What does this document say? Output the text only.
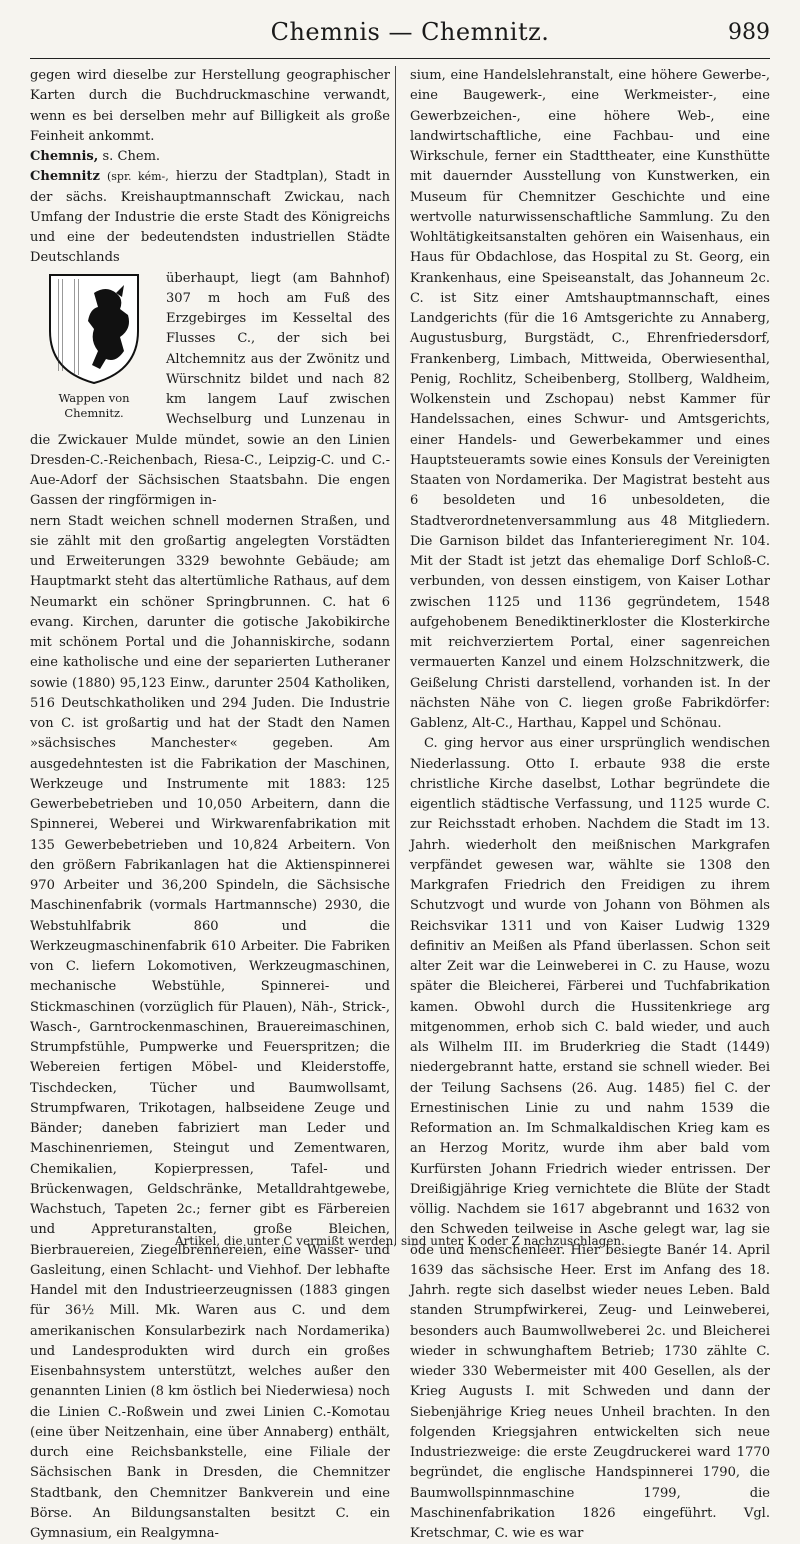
Chemnis — Chemnitz.	989

gegen wird dieselbe zur Herstellung geographischer Karten durch die Buchdruckmaschine verwandt, wenn es bei derselben mehr auf Billigkeit als große Feinheit ankommt.

Chemnis, s. Chem.

Chemnitz (spr. kém-, hierzu der Stadtplan), Stadt in der sächs. Kreishauptmannschaft Zwickau, nach Umfang der Industrie die erste Stadt des Königreichs und eine der bedeutendsten industriellen Städte Deutschlands

Wappen von Chemnitz.

überhaupt, liegt (am Bahnhof) 307 m hoch am Fuß des Erzgebirges im Kesseltal des Flusses C., der sich bei Altchemnitz aus der Zwönitz und Würschnitz bildet und nach 82 km langem Lauf zwischen Wechselburg und Lunzenau in die Zwickauer Mulde mündet, sowie an den Linien Dresden-C.-Reichenbach, Riesa-C., Leipzig-C. und C.-Aue-Adorf der Sächsischen Staatsbahn. Die engen Gassen der ringförmigen in-

nern Stadt weichen schnell modernen Straßen, und sie zählt mit den großartig angelegten Vorstädten und Erweiterungen 3329 bewohnte Gebäude; am Hauptmarkt steht das altertümliche Rathaus, auf dem Neumarkt ein schöner Springbrunnen. C. hat 6 evang. Kirchen, darunter die gotische Jakobikirche mit schönem Portal und die Johanniskirche, sodann eine katholische und eine der separierten Lutheraner sowie (1880) 95,123 Einw., darunter 2504 Katholiken, 516 Deutschkatholiken und 294 Juden. Die Industrie von C. ist großartig und hat der Stadt den Namen »sächsisches Manchester« gegeben. Am ausgedehntesten ist die Fabrikation der Maschinen, Werkzeuge und Instrumente mit 1883: 125 Gewerbebetrieben und 10,050 Arbeitern, dann die Spinnerei, Weberei und Wirkwarenfabrikation mit 135 Gewerbebetrieben und 10,824 Arbeitern. Von den größern Fabrikanlagen hat die Aktienspinnerei 970 Arbeiter und 36,200 Spindeln, die Sächsische Maschinenfabrik (vormals Hartmannsche) 2930, die Webstuhlfabrik 860 und die Werkzeugmaschinenfabrik 610 Arbeiter. Die Fabriken von C. liefern Lokomotiven, Werkzeugmaschinen, mechanische Webstühle, Spinnerei- und Stickmaschinen (vorzüglich für Plauen), Näh-, Strick-, Wasch-, Garntrockenmaschinen, Brauereimaschinen, Strumpfstühle, Pumpwerke und Feuerspritzen; die Webereien fertigen Möbel- und Kleiderstoffe, Tischdecken, Tücher und Baumwollsamt, Strumpfwaren, Trikotagen, halbseidene Zeuge und Bänder; daneben fabriziert man Leder und Maschinenriemen, Steingut und Zementwaren, Chemikalien, Kopierpressen, Tafel- und Brückenwagen, Geldschränke, Metalldrahtgewebe, Wachstuch, Tapeten 2c.; ferner gibt es Färbereien und Appreturanstalten, große Bleichen, Bierbrauereien, Ziegelbrennereien, eine Wasser- und Gasleitung, einen Schlacht- und Viehhof. Der lebhafte Handel mit den Industrieerzeugnissen (1883 gingen für 36½ Mill. Mk. Waren aus C. und dem amerikanischen Konsularbezirk nach Nordamerika) und Landesprodukten wird durch ein großes Eisenbahnsystem unterstützt, welches außer den genannten Linien (8 km östlich bei Niederwiesa) noch die Linien C.-Roßwein und zwei Linien C.-Komotau (eine über Neitzenhain, eine über Annaberg) enthält, durch eine Reichsbankstelle, eine Filiale der Sächsischen Bank in Dresden, die Chemnitzer Stadtbank, den Chemnitzer Bankverein und eine Börse. An Bildungsanstalten besitzt C. ein Gymnasium, ein Realgymna-

sium, eine Handelslehranstalt, eine höhere Gewerbe-, eine Baugewerk-, eine Werkmeister-, eine Gewerbzeichen-, eine höhere Web-, eine landwirtschaftliche, eine Fachbau- und eine Wirkschule, ferner ein Stadttheater, eine Kunsthütte mit dauernder Ausstellung von Kunstwerken, ein Museum für Chemnitzer Geschichte und eine wertvolle naturwissenschaftliche Sammlung. Zu den Wohltätigkeitsanstalten gehören ein Waisenhaus, ein Haus für Obdachlose, das Hospital zu St. Georg, ein Krankenhaus, eine Speiseanstalt, das Johanneum 2c. C. ist Sitz einer Amtshauptmannschaft, eines Landgerichts (für die 16 Amtsgerichte zu Annaberg, Augustusburg, Burgstädt, C., Ehrenfriedersdorf, Frankenberg, Limbach, Mittweida, Oberwiesenthal, Penig, Rochlitz, Scheibenberg, Stollberg, Waldheim, Wolkenstein und Zschopau) nebst Kammer für Handelssachen, eines Schwur- und Amtsgerichts, einer Handels- und Gewerbekammer und eines Hauptsteueramts sowie eines Konsuls der Vereinigten Staaten von Nordamerika. Der Magistrat besteht aus 6 besoldeten und 16 unbesoldeten, die Stadtverordnetenversammlung aus 48 Mitgliedern. Die Garnison bildet das Infanterieregiment Nr. 104. Mit der Stadt ist jetzt das ehemalige Dorf Schloß-C. verbunden, von dessen einstigem, von Kaiser Lothar zwischen 1125 und 1136 gegründetem, 1548 aufgehobenem Benediktinerkloster die Klosterkirche mit reichverziertem Portal, einer sagenreichen vermauerten Kanzel und einem Holzschnitzwerk, die Geißelung Christi darstellend, vorhanden ist. In der nächsten Nähe von C. liegen große Fabrikdörfer: Gablenz, Alt-C., Harthau, Kappel und Schönau.

C. ging hervor aus einer ursprünglich wendischen Niederlassung. Otto I. erbaute 938 die erste christliche Kirche daselbst, Lothar begründete die eigentlich städtische Verfassung, und 1125 wurde C. zur Reichsstadt erhoben. Nachdem die Stadt im 13. Jahrh. wiederholt den meißnischen Markgrafen verpfändet gewesen war, wählte sie 1308 den Markgrafen Friedrich den Freidigen zu ihrem Schutzvogt und wurde von Johann von Böhmen als Reichsvikar 1311 und von Kaiser Ludwig 1329 definitiv an Meißen als Pfand überlassen. Schon seit alter Zeit war die Leinweberei in C. zu Hause, wozu später die Bleicherei, Färberei und Tuchfabrikation kamen. Obwohl durch die Hussitenkriege arg mitgenommen, erhob sich C. bald wieder, und auch als Wilhelm III. im Bruderkrieg die Stadt (1449) niedergebrannt hatte, erstand sie schnell wieder. Bei der Teilung Sachsens (26. Aug. 1485) fiel C. der Ernestinischen Linie zu und nahm 1539 die Reformation an. Im Schmalkaldischen Krieg kam es an Herzog Moritz, wurde ihm aber bald vom Kurfürsten Johann Friedrich wieder entrissen. Der Dreißigjährige Krieg vernichtete die Blüte der Stadt völlig. Nachdem sie 1617 abgebrannt und 1632 von den Schweden teilweise in Asche gelegt war, lag sie öde und menschenleer. Hier besiegte Banér 14. April 1639 das sächsische Heer. Erst im Anfang des 18. Jahrh. regte sich daselbst wieder neues Leben. Bald standen Strumpfwirkerei, Zeug- und Leinweberei, besonders auch Baumwollweberei 2c. und Bleicherei wieder in schwunghaftem Betrieb; 1730 zählte C. wieder 330 Webermeister mit 400 Gesellen, als der Krieg Augusts I. mit Schweden und dann der Siebenjährige Krieg neues Unheil brachten. In den folgenden Kriegsjahren entwickelten sich neue Industriezweige: die erste Zeugdruckerei ward 1770 begründet, die englische Handspinnerei 1790, die Baumwollspinnmaschine 1799, die Maschinenfabrikation 1826 eingeführt. Vgl. Kretschmar, C. wie es war

Artikel, die unter C vermißt werden, sind unter K oder Z nachzuschlagen.
